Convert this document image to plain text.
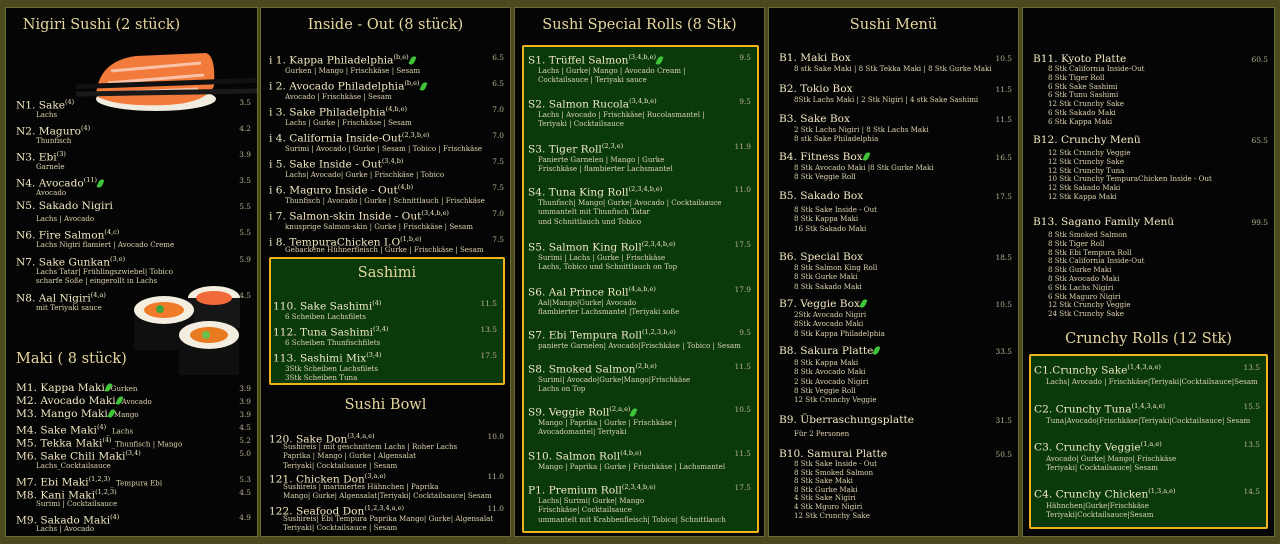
Nigiri Sushi (2 stück)
N1. Sake$^{(4)}$	3.5
Lachs
N2. Maguro$^{(4)}$	4.2
Thunfisch
N3. Ebi$^{(3)}$	3.9
Garnele
N4. Avocado$^{(11)}$	3.5
Avocado
N5. Sakado Nigiri	5.5
Lachs | Avocado
N6. Fire Salmon$^{(4,c)}$	5.5
Lachs Nigiri flamiert | Avocado Creme
N7. Sake Gunkan$^{(3,e)}$	5.9
Lachs Tatar| Frühlingszwiebel| Tobico
scharfe Soße | eingerollt in Lachs
N8. Aal Nigiri$^{(4,a)}$	4.5
mit Teriyaki sauce
Maki ( 8 stück)
M1. Kappa Maki Gurken	3.9
M2. Avocado Maki Avocado	3.9
M3. Mango Maki Mango	3.9
M4. Sake Maki$^{(4)}$_ Lachs	4.5
M5. Tekka Maki$^{(4)}$_Thunfisch | Mango	5.2
M6. Sake Chili Maki$^{(3,4)}$	5.0
Lachs_Cocktailsauce
M7. Ebi Maki$^{(1,2,3)}$_ Tempura Ebi	5.3
M8. Kani Maki$^{(1,2,3)}$	4.5
Surimi | Cocktailsauce
M9. Sakado Maki$^{(4)}$	4.9
Lachs | Avocado
Inside - Out (8 stück)
i 1. Kappa Philadelphia$^{(b,e)}$	6.5
Gurken | Mango | Frischkäse | Sesam
i 2. Avocado Philadelphia$^{(b,e)}$	6.5
Avocado | Frischkäse | Sesam
i 3. Sake Philadelphia$^{(4,b,e)}$	7.0
Lachs | Gurke | Frischkäse | Sesam
i 4. California Inside-Out$^{(2,3,b,e)}$	7.0
Surimi | Avocado | Gurke | Sesam | Tobico | Frischkäse
i 5. Sake Inside - Out$^{(3,4,b)}$	7.5
Lachs| Avocado| Gurke | Frischkäse | Tobico
i 6. Maguro Inside - Out$^{(4,b)}$	7.5
Thunfisch | Avocado | Gurke | Schnittlauch | Frischkäse
i 7. Salmon-skin Inside - Out$^{(3,4,b,e)}$	7.0
knusprige Salmon-skin | Gurke | Frischkäse | Sesam
i 8. TempuraChicken $I.O^{(1,b,e)}$	7.5
Gebackene Hühnerfleisch | Gurke | Frischkäse | Sesam
Sashimi
110. Sake Sashimi$^{(4)}$	11.5
6 Scheiben Lachsfilets
112. Tuna Sashimi$^{(3,4)}$	13.5
6 Scheiben Thunfischfilets
113. Sashimi Mix$^{(3,4)}$	17.5
3Stk Scheiben Lachsfilets
3Stk Scheiben Tuna
Sushi Bowl
120. Sake Don$^{(3,4,a,e)}$	10.0
Sushireis | mit geschnittem Lachs | Roher Lachs
Paprika | Mango | Gurke | Algensalat
Teriyaki| Cocktailsauce | Sesam
121. Chicken Don$^{(3,a,e)}$	11.0
Sushireis | mariniertes Hähnchen | Paprika
Mango| Gurke| Algensalat|Teriyaki| Cocktailsauce| Sesam
122. Seafood Don$^{(1,2,3,4,a,e)}$	11.0
Sushireis| Ebi Tempura Paprika Mango| Gurke| Algensalat
Teriyaki| Cocktailsauce | Sesam
Sushi Special Rolls (8 Stk)
S1. Trüffel Salmon$^{(3,4,b,e)}$	9.5
Lachs | Gurke| Mango | Avocado Cream |
Cocktailsauce | Teriyaki sauce
S2. Salmon Rucola$^{(3,4,b,e)}$	9.5
Lachs | Avocado | Frischkäse| Rucolasmantel |
Teriyaki | Cocktailsauce
S3. Tiger Roll$^{(2,3,e)}$	11.9
Panierte Garnelen | Mango | Gurke
Frischkäse | flambierter Lachsmantel
S4. Tuna King Roll$^{(2,3,4,b,e)}$	11.0
Thunfisch| Mango| Gurke| Avocado | Cocktailsauce
ummantelt mit Thunfisch Tatar
und Schnittlauch und Tobico
S5. Salmon King Roll$^{(2,3,4,b,e)}$	17.5
Surimi | Lachs | Gurke | Frischkäse
Lachs, Tobico und Schnittlauch on Top
S6. Aal Prince Roll$^{(4,a,b,e)}$	17.9
Aal|Mango|Gurke| Avocado
flambierter Lachsmantel |Teriyaki soße
S7. Ebi Tempura Roll$^{(1,2,3,b,e)}$	9.5
panierte Garnelen| Avocado|Frischkäse | Tobico | Sesam
S8. Smoked Salmon$^{(2,b,e)}$	11.5
Surimi| Avocado|Gurke|Mango|Frischkäse
Lachs on Top
S9. Veggie Roll$^{(2,a,e)}$	10.5
Mango | Paprika | Gurke | Frischkäse |
Avocadomantel| Teriyaki
S10. Salmon Roll$^{(4,b,e)}$	11.5
Mango | Paprika | Gurke | Frischkäse | Lachsmantel
P1. Premium Roll$^{(2,3,4,b,e)}$	17.5
Lachs| Surimi| Gurke| Mango
Frischkäse| Cocktailsauce
ummantelt mit Krabbenfleisch| Tobico| Schnittlauch
Sushi Menü
B1. Maki Box	10.5
8 stk Sake Maki | 8 Stk Tekka Maki | 8 Stk Gurke Maki
B2. Tokio Box	11.5
8Stk Lachs Maki | 2 Stk Nigiri | 4 stk Sake Sashimi
B3. Sake Box	11.5
2 Stk Lachs Nigiri | 8 Stk Lachs Maki
8 stk Sake Philadelphia
B4. Fitness Box	16.5
8 Stk Avocado Maki |8 Stk Gurke Maki
8 Stk Veggie Roll
B5. Sakado Box	17.5
8 Stk Sake Inside - Out
8 Stk Kappa Maki
16 Stk Sakado Maki
B6. Special Box	18.5
8 Stk Salmon King Roll
8 Stk Gurke Maki
8 Stk Sakado Maki
B7. Veggie Box	10.5
2Stk Avocado Nigiri
8Stk Avocado Maki
8 Stk Kappa Philadelphia
B8. Sakura Platte	33.5
8 Stk Kappa Maki
8 Stk Avocado Maki
2 Stk Avocado Nigiri
8 Stk Veggie Roll
12 Stk Crunchy Veggie
B9. Überraschungsplatte	31.5
Für 2 Personen
B10. Samurai Platte	50.5
8 Stk Sake Inside - Out
8 Stk Smoked Salmon
8 Stk Sake Maki
8 Stk Gurke Maki
4 Stk Sake Nigiri
4 Stk Mguro Nigiri
12 Stk Crunchy Sake
B11. Kyoto Platte	60.5
8 Stk California Inside-Out
8 Stk Tiger Roll
6 Stk Sake Sashimi
6 Stk Tunu Sashimi
12 Stk Crunchy Sake
6 Stk Sakado Maki
6 Stk Kappa Maki
B12. Crunchy Menü	65.5
12 Stk Crunchy Veggie
12 Stk Crunchy Sake
12 Stk Crunchy Tuna
10 Stk Crunchy TempuraChicken Inside - Out
12 Stk Sakado Maki
12 Stk Kappa Maki
B13. Sagano Family Menü	99.5
8 Stk Smoked Salmon
8 Stk Tiger Roll
8 Stk Ebi Tempura Roll
8 Stk California Inside-Out
8 Stk Gurke Maki
8 Stk Avocado Maki
6 Stk Lachs Nigiri
6 Stk Maguro Nigiri
12 Stk Crunchy Veggie
24 Stk Crunchy Sake
Crunchy Rolls (12 Stk)
C1.Crunchy Sake$^{(1,4,3,a,e)}$	13.5
Lachs| Avocado | Frischkäse|Teriyaki|Cocktailsauce|Sesam
C2. Crunchy Tuna$^{(1,4,3,a,e)}$	15.5
Tuna|Avocado|Frischkäse|Teriyaki|Cocktailsauce| Sesam
C3. Crunchy Veggie$^{(1,a,e)}$	13.5
Avocado| Gurke| Mango| Frischkäse
Teriyaki| Cocktailsauce| Sesam
C4. Crunchy Chicken$^{(1,3,a,e)}$	14.5
Hähnchen|Gurke|Frischkäse
Teriyaki|Cocktailsauce|Sesam
